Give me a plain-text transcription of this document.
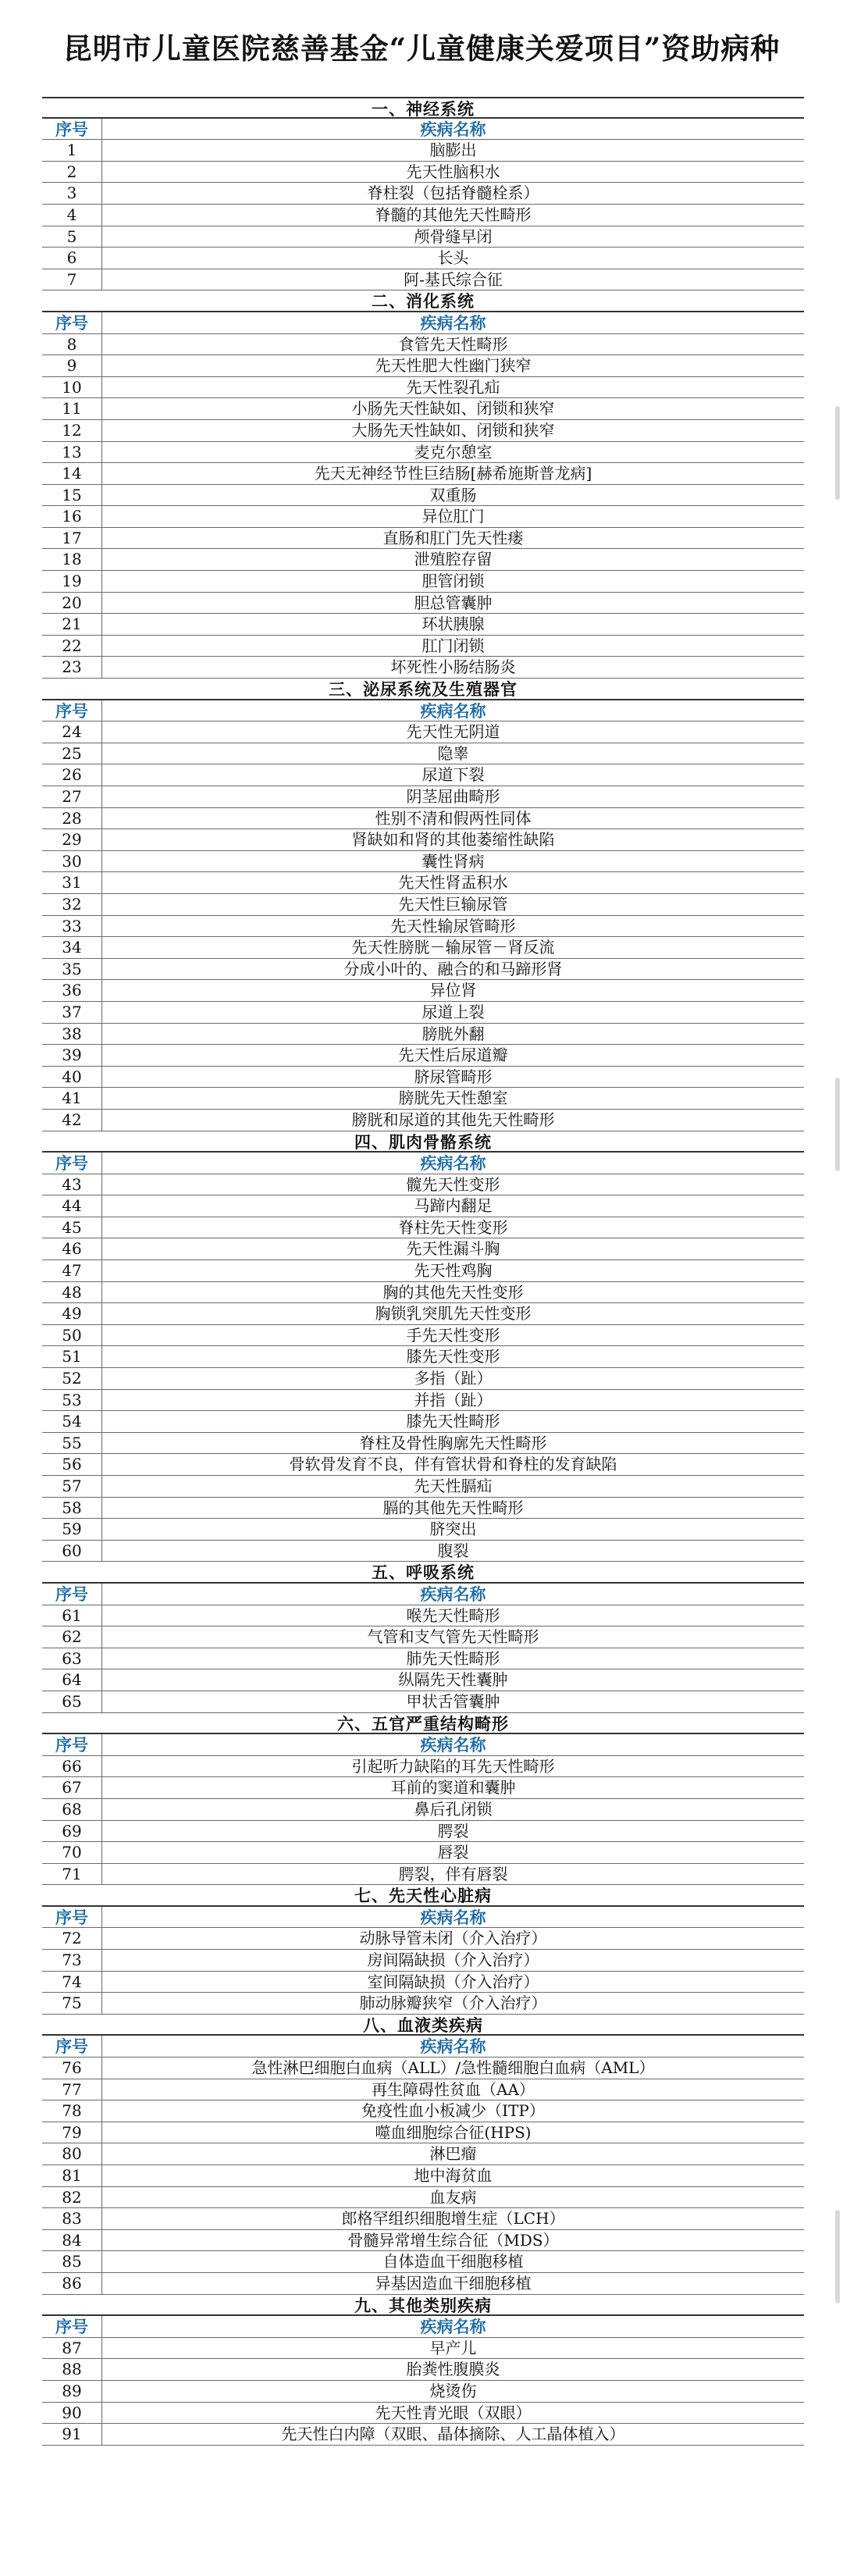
昆明市儿童医院慈善基金“儿童健康关爱项目”资助病种
一、神经系统
序号	疾病名称
1	脑膨出
2	先天性脑积水
3	脊柱裂（包括脊髓栓系）
4	脊髓的其他先天性畸形
5	颅骨缝早闭
6	长头
7	阿-基氏综合征
二、消化系统
序号	疾病名称
8	食管先天性畸形
9	先天性肥大性幽门狭窄
10	先天性裂孔疝
11	小肠先天性缺如、闭锁和狭窄
12	大肠先天性缺如、闭锁和狭窄
13	麦克尔憩室
14	先天无神经节性巨结肠[赫希施斯普龙病]
15	双重肠
16	异位肛门
17	直肠和肛门先天性瘘
18	泄殖腔存留
19	胆管闭锁
20	胆总管囊肿
21	环状胰腺
22	肛门闭锁
23	坏死性小肠结肠炎
三、泌尿系统及生殖器官
序号	疾病名称
24	先天性无阴道
25	隐睾
26	尿道下裂
27	阴茎屈曲畸形
28	性别不清和假两性同体
29	肾缺如和肾的其他萎缩性缺陷
30	囊性肾病
31	先天性肾盂积水
32	先天性巨输尿管
33	先天性输尿管畸形
34	先天性膀胱－输尿管－肾反流
35	分成小叶的、融合的和马蹄形肾
36	异位肾
37	尿道上裂
38	膀胱外翻
39	先天性后尿道瓣
40	脐尿管畸形
41	膀胱先天性憩室
42	膀胱和尿道的其他先天性畸形
四、肌肉骨骼系统
序号	疾病名称
43	髋先天性变形
44	马蹄内翻足
45	脊柱先天性变形
46	先天性漏斗胸
47	先天性鸡胸
48	胸的其他先天性变形
49	胸锁乳突肌先天性变形
50	手先天性变形
51	膝先天性变形
52	多指（趾）
53	并指（趾）
54	膝先天性畸形
55	脊柱及骨性胸廓先天性畸形
56	骨软骨发育不良，伴有管状骨和脊柱的发育缺陷
57	先天性膈疝
58	膈的其他先天性畸形
59	脐突出
60	腹裂
五、呼吸系统
序号	疾病名称
61	喉先天性畸形
62	气管和支气管先天性畸形
63	肺先天性畸形
64	纵隔先天性囊肿
65	甲状舌管囊肿
六、五官严重结构畸形
序号	疾病名称
66	引起听力缺陷的耳先天性畸形
67	耳前的窦道和囊肿
68	鼻后孔闭锁
69	腭裂
70	唇裂
71	腭裂，伴有唇裂
七、先天性心脏病
序号	疾病名称
72	动脉导管未闭（介入治疗）
73	房间隔缺损（介入治疗）
74	室间隔缺损（介入治疗）
75	肺动脉瓣狭窄（介入治疗）
八、血液类疾病
序号	疾病名称
76	急性淋巴细胞白血病（ALL）/急性髓细胞白血病（AML）
77	再生障碍性贫血（AA）
78	免疫性血小板减少（ITP）
79	噬血细胞综合征(HPS)
80	淋巴瘤
81	地中海贫血
82	血友病
83	郎格罕组织细胞增生症（LCH）
84	骨髓异常增生综合征（MDS）
85	自体造血干细胞移植
86	异基因造血干细胞移植
九、其他类别疾病
序号	疾病名称
87	早产儿
88	胎粪性腹膜炎
89	烧烫伤
90	先天性青光眼（双眼）
91	先天性白内障（双眼、晶体摘除、人工晶体植入）
